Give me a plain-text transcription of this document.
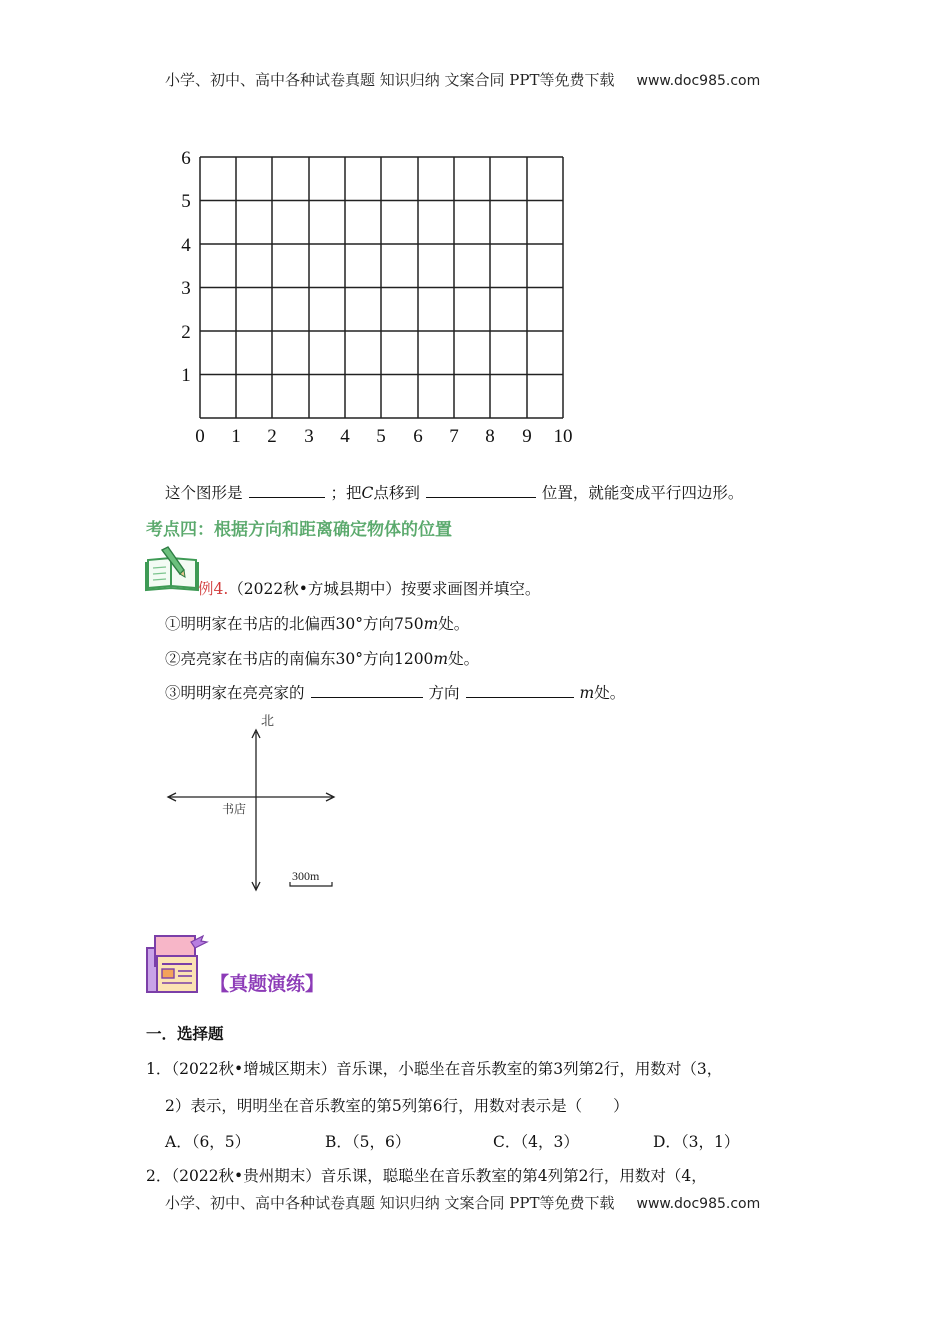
小学、初中、高中各种试卷真题 知识归纳 文案合同 PPT等免费下载 www.doc985.com
0 1 2 3 4 5 6 7 8 9 10
1
2
3
4
5
6
这个图形是	；把C点移到	位置，就能变成平行四边形。
考点四：根据方向和距离确定物体的位置
例4.（2022秋•方城县期中）按要求画图并填空。
①明明家在书店的北偏西30°方向750m处。
②亮亮家在书店的南偏东30°方向1200m处。
③明明家在亮亮家的	方向	m处。
北
书店
300m
【真题演练】
一．选择题
1．（2022秋•增城区期末）音乐课，小聪坐在音乐教室的第3列第2行，用数对（3，
2）表示，明明坐在音乐教室的第5列第6行，用数对表示是（　　）
A．（6，5）	B．（5，6）	C．（4，3）	D．（3，1）
2．（2022秋•贵州期末）音乐课，聪聪坐在音乐教室的第4列第2行，用数对（4，
小学、初中、高中各种试卷真题 知识归纳 文案合同 PPT等免费下载 www.doc985.com
